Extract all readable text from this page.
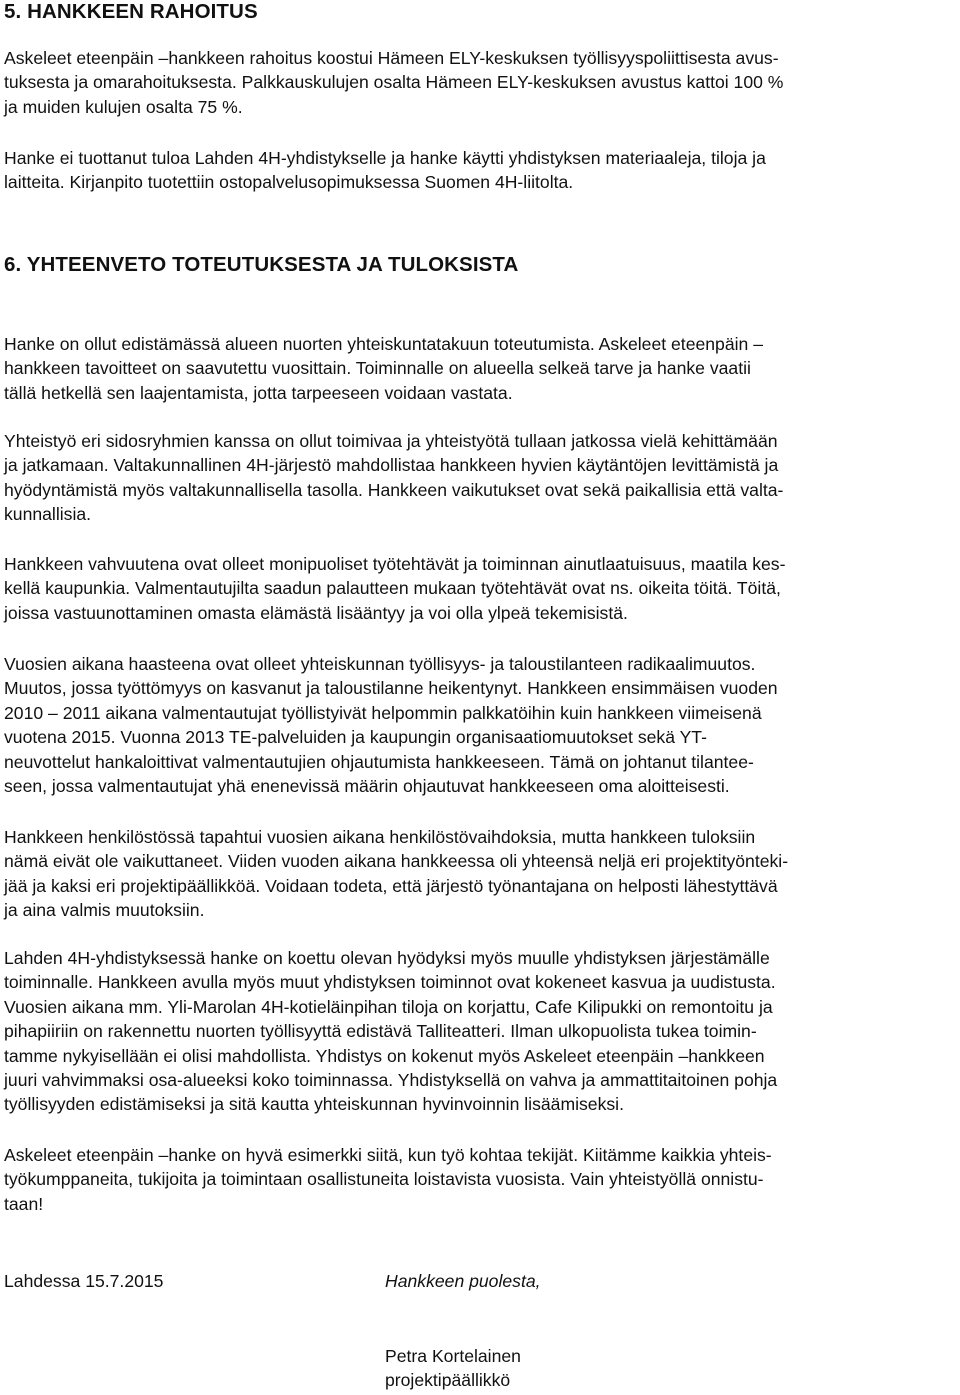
5. HANKKEEN RAHOITUS

Askeleet eteenpäin –hankkeen rahoitus koostui Hämeen ELY-keskuksen työllisyyspoliittisesta avus-
tuksesta ja omarahoituksesta. Palkkauskulujen osalta Hämeen ELY-keskuksen avustus kattoi 100 %
ja muiden kulujen osalta 75 %.

Hanke ei tuottanut tuloa Lahden 4H-yhdistykselle ja hanke käytti yhdistyksen materiaaleja, tiloja ja
laitteita. Kirjanpito tuotettiin ostopalvelusopimuksessa Suomen 4H-liitolta.

6. YHTEENVETO TOTEUTUKSESTA JA TULOKSISTA

Hanke on ollut edistämässä alueen nuorten yhteiskuntatakuun toteutumista. Askeleet eteenpäin –
hankkeen tavoitteet on saavutettu vuosittain. Toiminnalle on alueella selkeä tarve ja hanke vaatii
tällä hetkellä sen laajentamista, jotta tarpeeseen voidaan vastata.

Yhteistyö eri sidosryhmien kanssa on ollut toimivaa ja yhteistyötä tullaan jatkossa vielä kehittämään
ja jatkamaan. Valtakunnallinen 4H-järjestö mahdollistaa hankkeen hyvien käytäntöjen levittämistä ja
hyödyntämistä myös valtakunnallisella tasolla. Hankkeen vaikutukset ovat sekä paikallisia että valta-
kunnallisia.

Hankkeen vahvuutena ovat olleet monipuoliset työtehtävät ja toiminnan ainutlaatuisuus, maatila kes-
kellä kaupunkia. Valmentautujilta saadun palautteen mukaan työtehtävät ovat ns. oikeita töitä. Töitä,
joissa vastuunottaminen omasta elämästä lisääntyy ja voi olla ylpeä tekemisistä.

Vuosien aikana haasteena ovat olleet yhteiskunnan työllisyys- ja taloustilanteen radikaalimuutos.
Muutos, jossa työttömyys on kasvanut ja taloustilanne heikentynyt. Hankkeen ensimmäisen vuoden
2010 – 2011 aikana valmentautujat työllistyivät helpommin palkkatöihin kuin hankkeen viimeisenä
vuotena 2015. Vuonna 2013 TE-palveluiden ja kaupungin organisaatiomuutokset sekä YT-
neuvottelut hankaloittivat valmentautujien ohjautumista hankkeeseen. Tämä on johtanut tilantee-
seen, jossa valmentautujat yhä enenevissä määrin ohjautuvat hankkeeseen oma aloitteisesti.

Hankkeen henkilöstössä tapahtui vuosien aikana henkilöstövaihdoksia, mutta hankkeen tuloksiin
nämä eivät ole vaikuttaneet. Viiden vuoden aikana hankkeessa oli yhteensä neljä eri projektityönteki-
jää ja kaksi eri projektipäällikköä. Voidaan todeta, että järjestö työnantajana on helposti lähestyttävä
ja aina valmis muutoksiin.

Lahden 4H-yhdistyksessä hanke on koettu olevan hyödyksi myös muulle yhdistyksen järjestämälle
toiminnalle. Hankkeen avulla myös muut yhdistyksen toiminnot ovat kokeneet kasvua ja uudistusta.
Vuosien aikana mm. Yli-Marolan 4H-kotieläinpihan tiloja on korjattu, Cafe Kilipukki on remontoitu ja
pihapiiriin on rakennettu nuorten työllisyyttä edistävä Talliteatteri. Ilman ulkopuolista tukea toimin-
tamme nykyisellään ei olisi mahdollista. Yhdistys on kokenut myös Askeleet eteenpäin –hankkeen
juuri vahvimmaksi osa-alueeksi koko toiminnassa. Yhdistyksellä on vahva ja ammattitaitoinen pohja
työllisyyden edistämiseksi ja sitä kautta yhteiskunnan hyvinvoinnin lisäämiseksi.

Askeleet eteenpäin –hanke on hyvä esimerkki siitä, kun työ kohtaa tekijät. Kiitämme kaikkia yhteis-
työkumppaneita, tukijoita ja toimintaan osallistuneita loistavista vuosista. Vain yhteistyöllä onnistu-
taan!

Lahdessa 15.7.2015	Hankkeen puolesta,

Petra Kortelainen

projektipäällikkö
